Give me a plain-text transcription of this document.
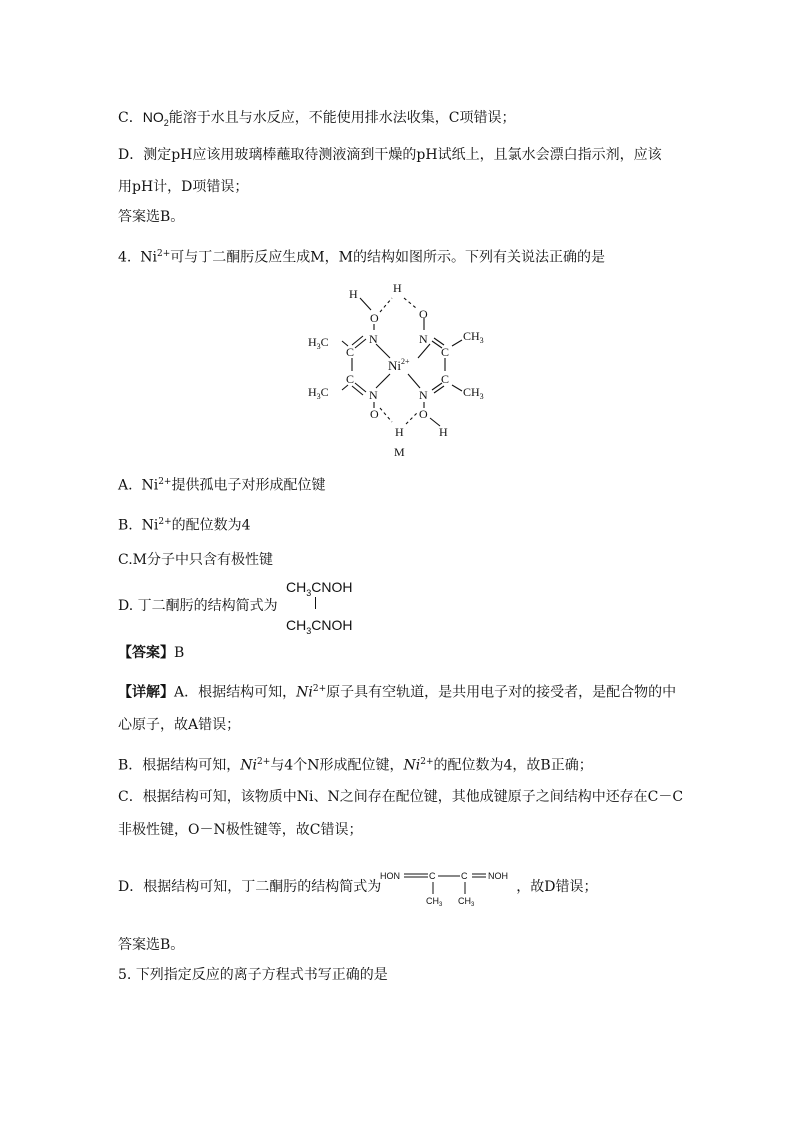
C．$NO_2$能溶于水且与水反应，不能使用排水法收集，C项错误；
D．测定pH应该用玻璃棒蘸取待测液滴到干燥的pH试纸上，且氯水会漂白指示剂，应该
用pH计，D项错误；
答案选B。
4. $Ni^{2+}$可与丁二酮肟反应生成M，M的结构如图所示。下列有关说法正确的是
H	H
O	O
N	N
$H_3C$
C	C
$CH_3$
$Ni^{2+}$
$H_3C$
C	C
$CH_3$
N	N
O	O
H	H
M
A. $Ni^{2+}$提供孤电子对形成配位键
B. $Ni^{2+}$的配位数为4
C.M分子中只含有极性键
D. 丁二酮肟的结构简式为
$CH_3CNOH$
$CH_3CNOH$
【答案】B
【详解】A．根据结构可知，$Ni^{2+}$原子具有空轨道，是共用电子对的接受者，是配合物的中
心原子，故A错误；
B．根据结构可知，$Ni^{2+}$与4个N形成配位键，$Ni^{2+}$的配位数为4，故B正确；
C．根据结构可知，该物质中Ni、N之间存在配位键，其他成键原子之间结构中还存在C－C
非极性键，O－N极性键等，故C错误；
D．根据结构可知，丁二酮肟的结构简式为	，故D错误；
HON	C	C NOH
$CH_3$ $CH_3$
答案选B。
5. 下列指定反应的离子方程式书写正确的是
